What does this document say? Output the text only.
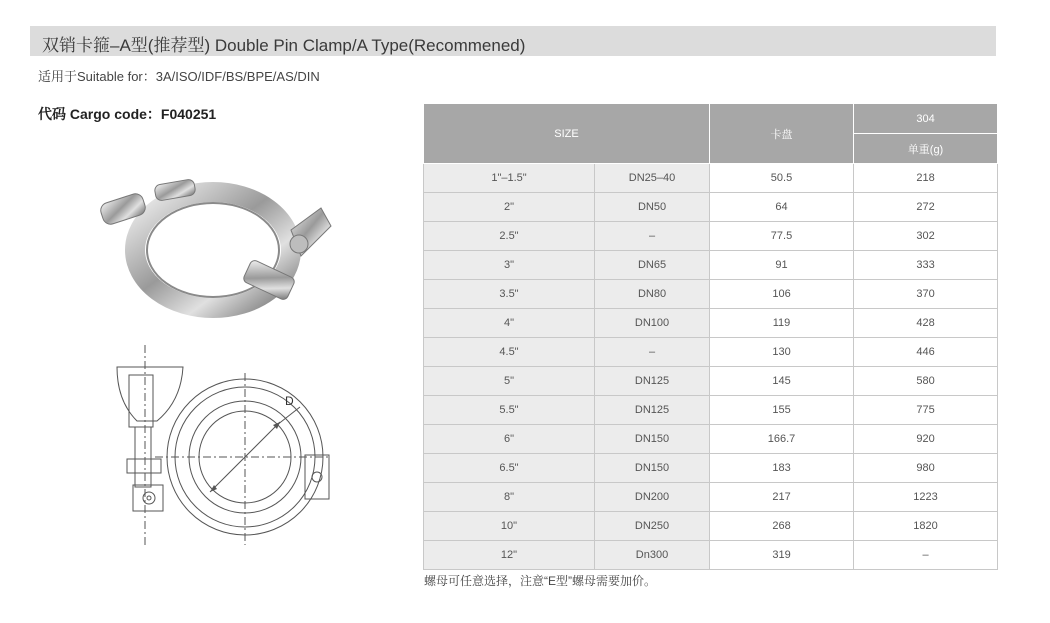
双销卡箍–A型(推荐型) Double Pin Clamp/A Type(Recommened)
适用于Suitable for：3A/ISO/IDF/BS/BPE/AS/DIN
代码 Cargo code：F040251
D
SIZE		卡盘	304
			单重(g)
1"–1.5"	DN25–40	50.5	218
2"	DN50	64	272
2.5"	–	77.5	302
3"	DN65	91	333
3.5"	DN80	106	370
4"	DN100	119	428
4.5"	–	130	446
5"	DN125	145	580
5.5"	DN125	155	775
6"	DN150	166.7	920
6.5"	DN150	183	980
8"	DN200	217	1223
10"	DN250	268	1820
12"	Dn300	319	–
螺母可任意选择，注意“E型”螺母需要加价。
